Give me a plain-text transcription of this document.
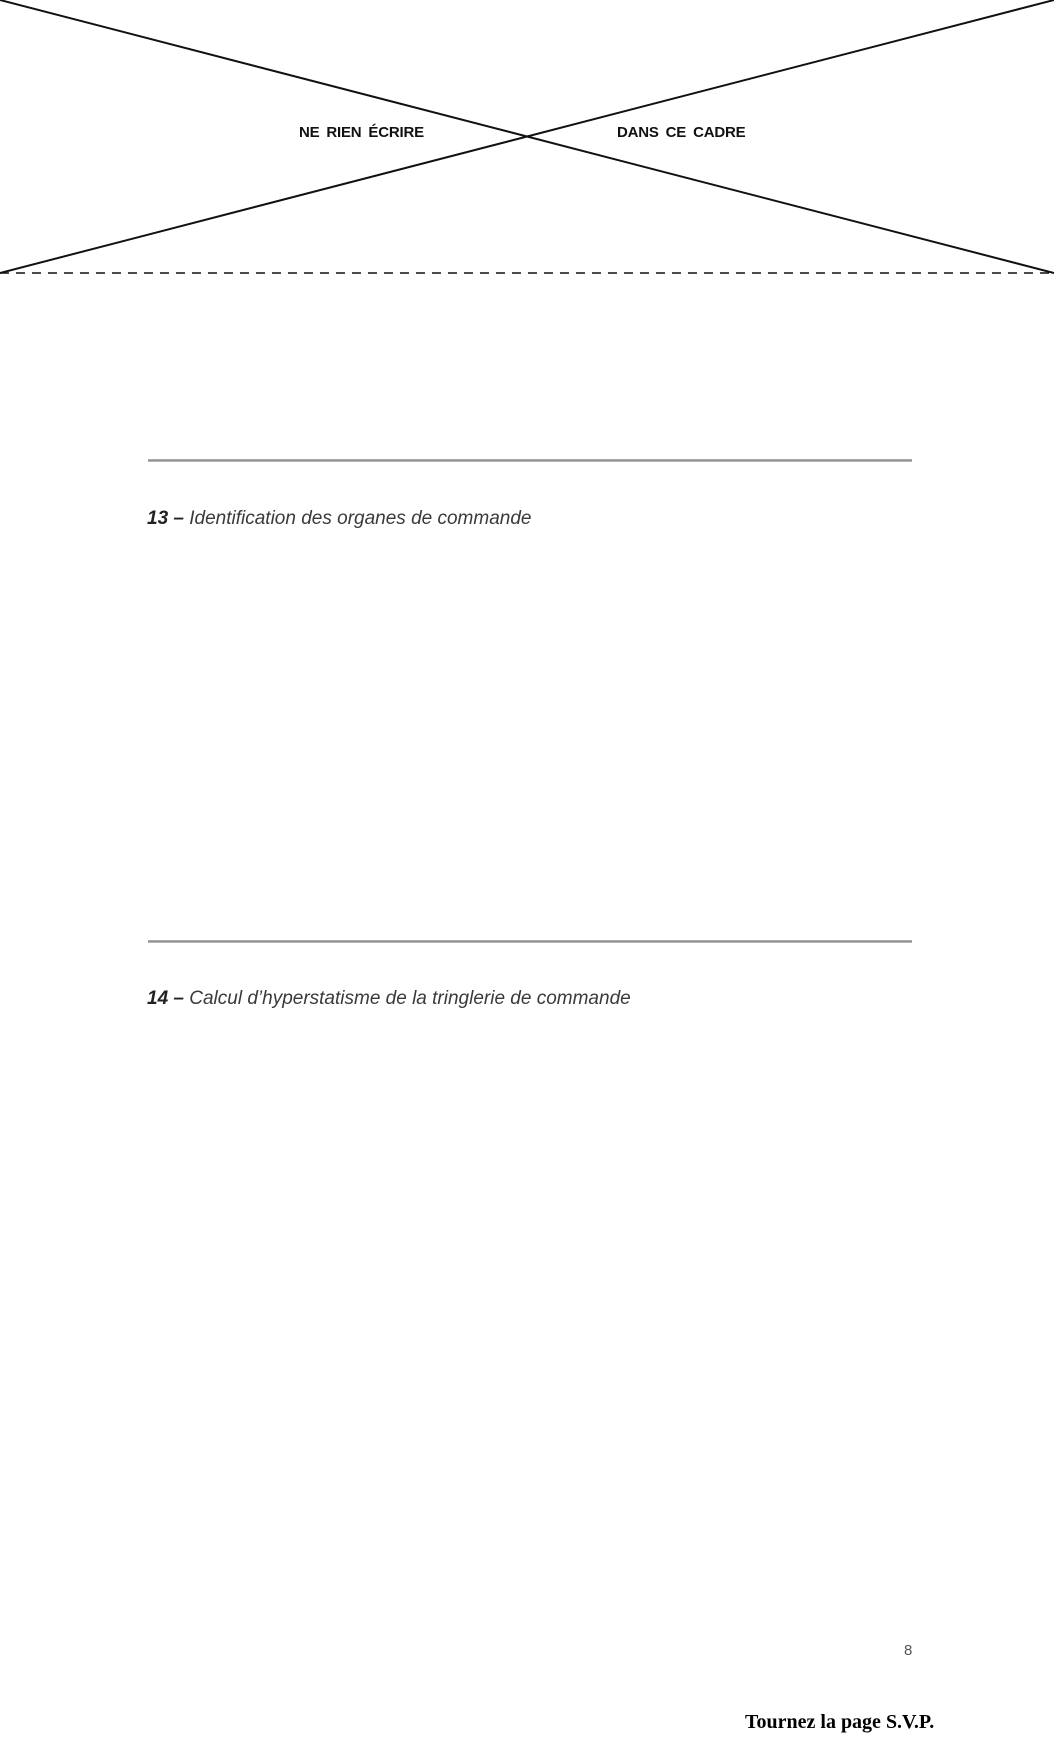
NE RIEN ÉCRIRE	DANS CE CADRE
13 – Identification des organes de commande
14 – Calcul d’hyperstatisme de la tringlerie de commande
8
Tournez la page S.V.P.
